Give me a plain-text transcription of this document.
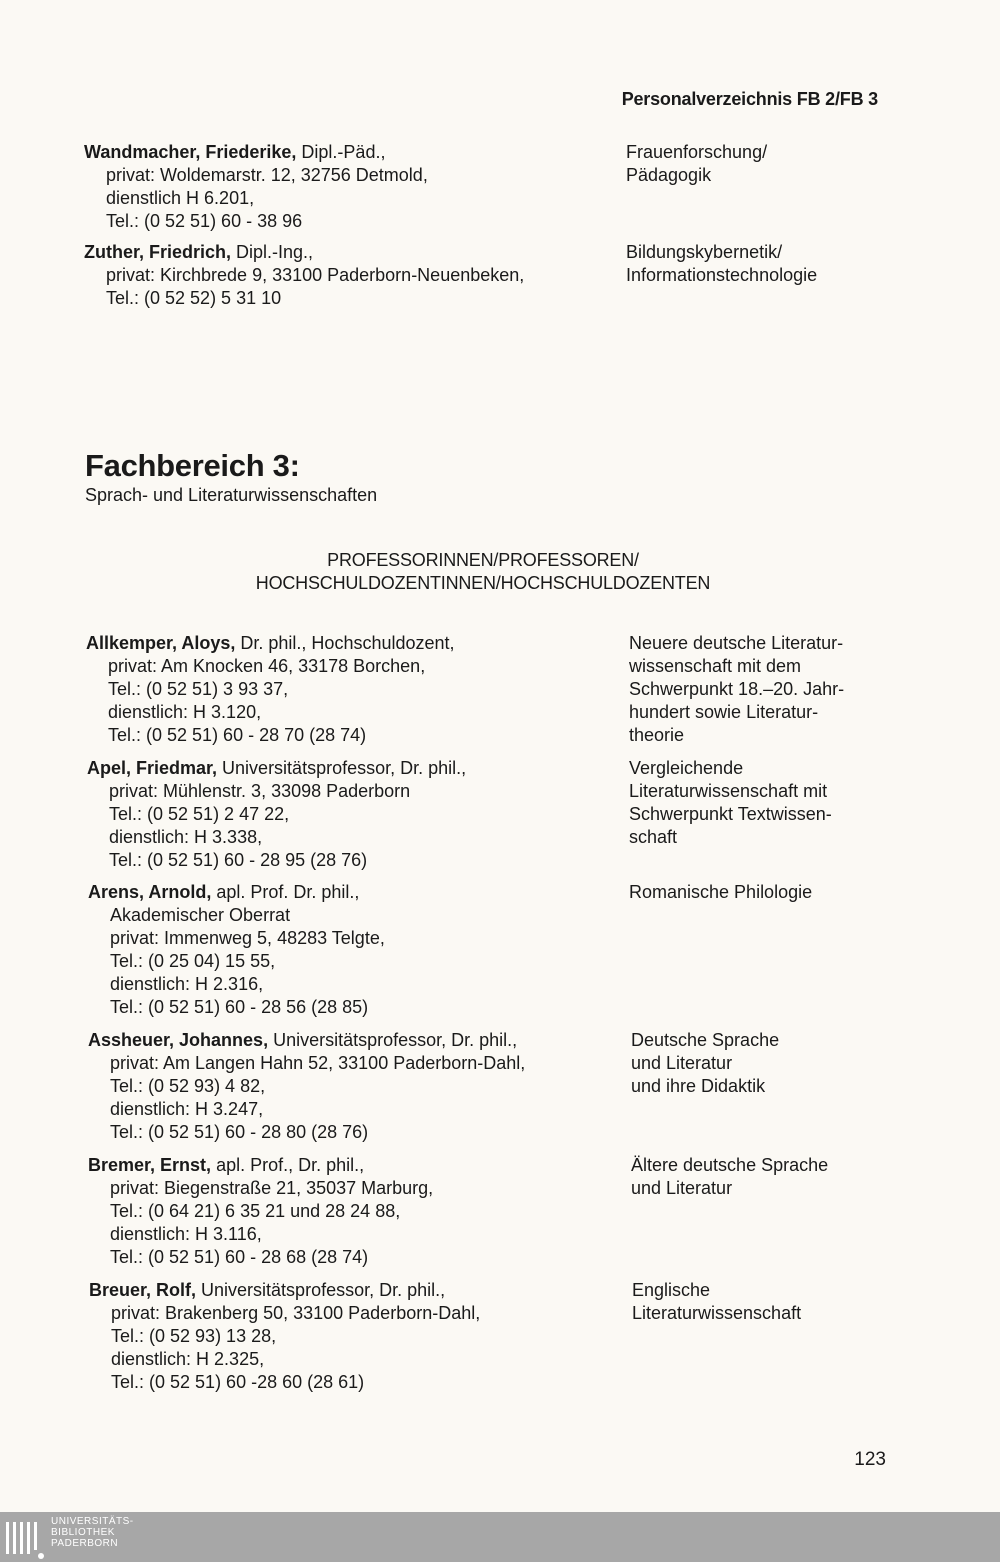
Personalverzeichnis FB 2/FB 3
Wandmacher, Friederike, Dipl.-Päd.,
privat: Woldemarstr. 12, 32756 Detmold,
dienstlich H 6.201,
Tel.: (0 52 51) 60 - 38 96
Frauenforschung/
Pädagogik
Zuther, Friedrich, Dipl.-Ing.,
privat: Kirchbrede 9, 33100 Paderborn-Neuenbeken,
Tel.: (0 52 52) 5 31 10
Bildungskybernetik/
Informationstechnologie
Fachbereich 3:
Sprach- und Literaturwissenschaften
PROFESSORINNEN/PROFESSOREN/
HOCHSCHULDOZENTINNEN/HOCHSCHULDOZENTEN
Allkemper, Aloys, Dr. phil., Hochschuldozent,
privat: Am Knocken 46, 33178 Borchen,
Tel.: (0 52 51) 3 93 37,
dienstlich: H 3.120,
Tel.: (0 52 51) 60 - 28 70 (28 74)
Neuere deutsche Literatur-
wissenschaft mit dem
Schwerpunkt 18.–20. Jahr-
hundert sowie Literatur-
theorie
Apel, Friedmar, Universitätsprofessor, Dr. phil.,
privat: Mühlenstr. 3, 33098 Paderborn
Tel.: (0 52 51) 2 47 22,
dienstlich: H 3.338,
Tel.: (0 52 51) 60 - 28 95 (28 76)
Vergleichende
Literaturwissenschaft mit
Schwerpunkt Textwissen-
schaft
Arens, Arnold, apl. Prof. Dr. phil.,
Akademischer Oberrat
privat: Immenweg 5, 48283 Telgte,
Tel.: (0 25 04) 15 55,
dienstlich: H 2.316,
Tel.: (0 52 51) 60 - 28 56 (28 85)
Romanische Philologie
Assheuer, Johannes, Universitätsprofessor, Dr. phil.,
privat: Am Langen Hahn 52, 33100 Paderborn-Dahl,
Tel.: (0 52 93) 4 82,
dienstlich: H 3.247,
Tel.: (0 52 51) 60 - 28 80 (28 76)
Deutsche Sprache
und Literatur
und ihre Didaktik
Bremer, Ernst, apl. Prof., Dr. phil.,
privat: Biegenstraße 21, 35037 Marburg,
Tel.: (0 64 21) 6 35 21 und 28 24 88,
dienstlich: H 3.116,
Tel.: (0 52 51) 60 - 28 68 (28 74)
Ältere deutsche Sprache
und Literatur
Breuer, Rolf, Universitätsprofessor, Dr. phil.,
privat: Brakenberg 50, 33100 Paderborn-Dahl,
Tel.: (0 52 93) 13 28,
dienstlich: H 2.325,
Tel.: (0 52 51) 60 -28 60 (28 61)
Englische
Literaturwissenschaft
123
UNIVERSITÄTS-
BIBLIOTHEK
PADERBORN
